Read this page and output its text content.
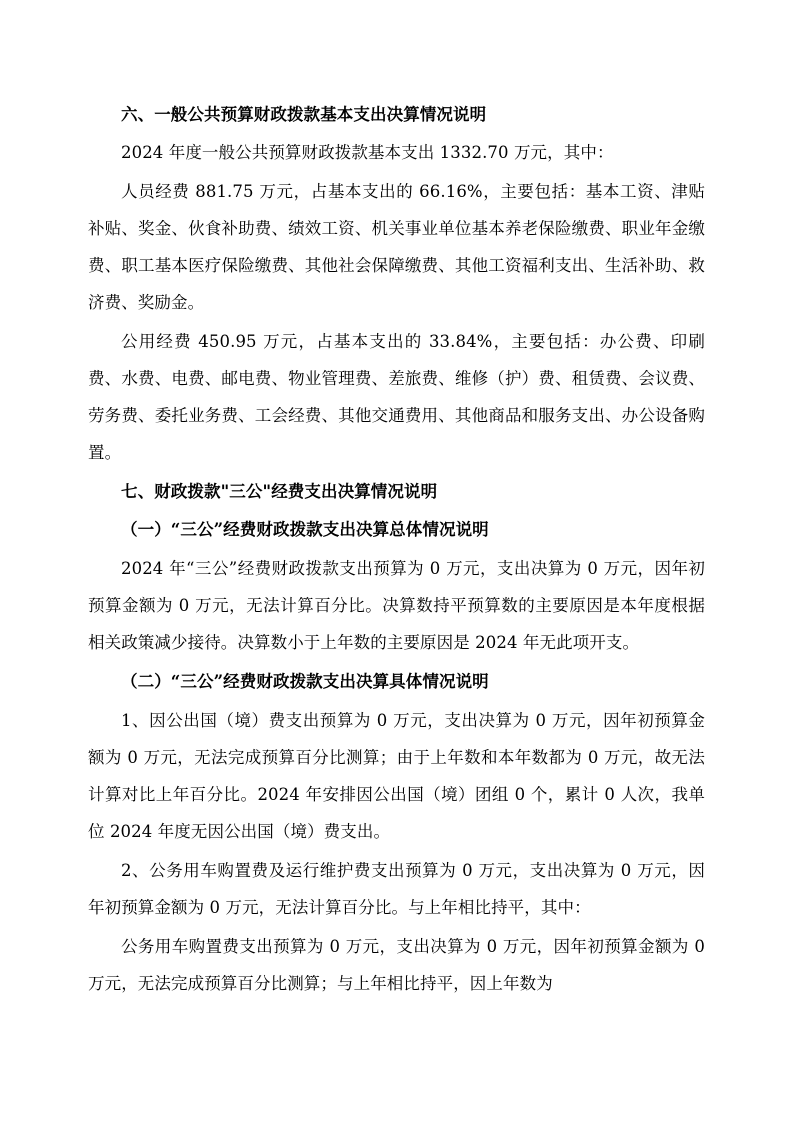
六、一般公共预算财政拨款基本支出决算情况说明

2024 年度一般公共预算财政拨款基本支出 1332.70 万元，其中：

人员经费 881.75 万元，占基本支出的 66.16%，主要包括：基本工资、津贴补贴、奖金、伙食补助费、绩效工资、机关事业单位基本养老保险缴费、职业年金缴费、职工基本医疗保险缴费、其他社会保障缴费、其他工资福利支出、生活补助、救济费、奖励金。

公用经费 450.95 万元，占基本支出的 33.84%，主要包括：办公费、印刷费、水费、电费、邮电费、物业管理费、差旅费、维修（护）费、租赁费、会议费、劳务费、委托业务费、工会经费、其他交通费用、其他商品和服务支出、办公设备购置。

七、财政拨款"三公"经费支出决算情况说明

（一）“三公”经费财政拨款支出决算总体情况说明

2024 年“三公”经费财政拨款支出预算为 0 万元，支出决算为 0 万元，因年初预算金额为 0 万元，无法计算百分比。决算数持平预算数的主要原因是本年度根据相关政策减少接待。决算数小于上年数的主要原因是 2024 年无此项开支。

（二）“三公”经费财政拨款支出决算具体情况说明

1、因公出国（境）费支出预算为 0 万元，支出决算为 0 万元，因年初预算金额为 0 万元，无法完成预算百分比测算；由于上年数和本年数都为 0 万元，故无法计算对比上年百分比。2024 年安排因公出国（境）团组 0 个，累计 0 人次，我单位 2024 年度无因公出国（境）费支出。

2、公务用车购置费及运行维护费支出预算为 0 万元，支出决算为 0 万元，因年初预算金额为 0 万元，无法计算百分比。与上年相比持平，其中：

公务用车购置费支出预算为 0 万元，支出决算为 0 万元，因年初预算金额为 0 万元，无法完成预算百分比测算；与上年相比持平，因上年数为
